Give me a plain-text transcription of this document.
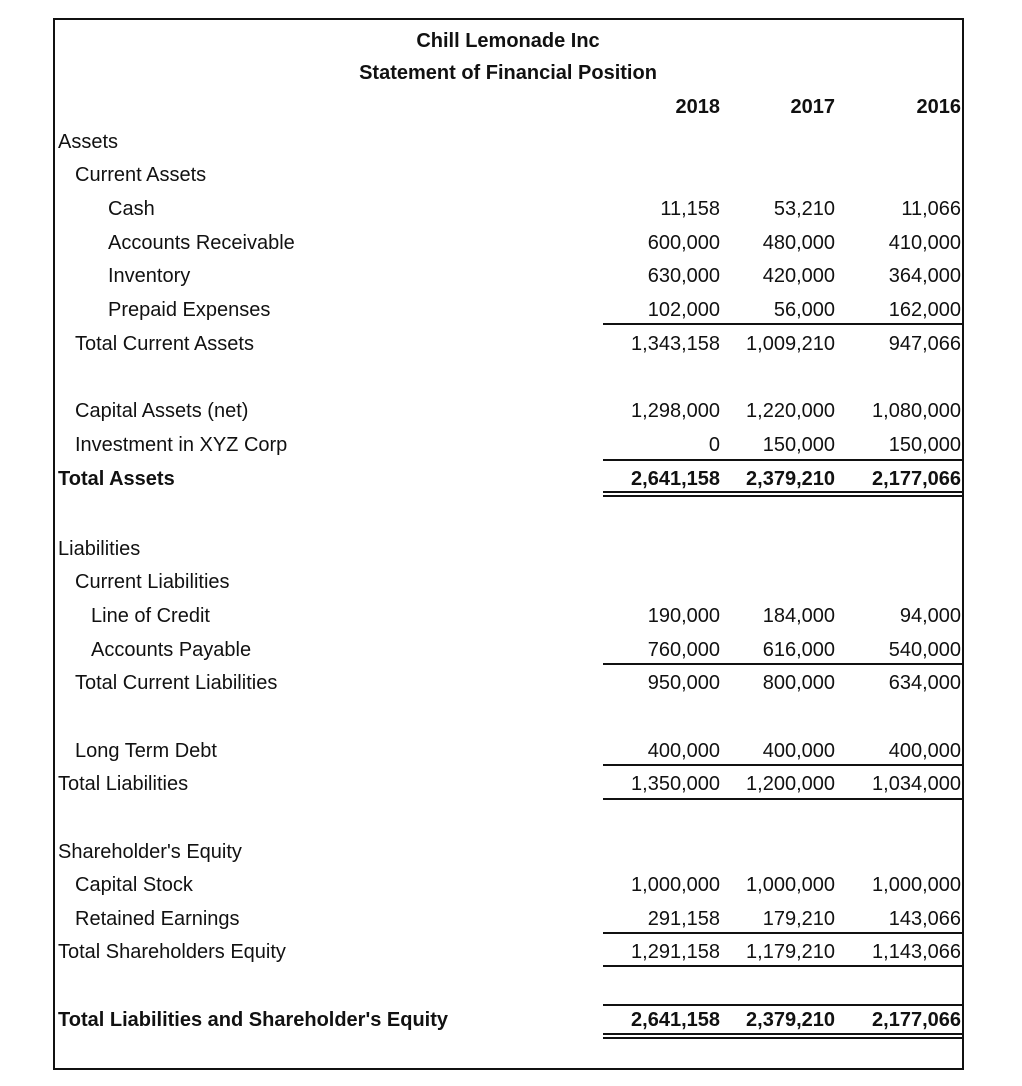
Chill Lemonade Inc
Statement of Financial Position
2018	2017	2016
Assets
Current Assets
Cash	11,158	53,210	11,066
Accounts Receivable	600,000	480,000	410,000
Inventory	630,000	420,000	364,000
Prepaid Expenses	102,000	56,000	162,000
Total Current Assets	1,343,158	1,009,210	947,066
Capital Assets (net)	1,298,000	1,220,000	1,080,000
Investment in XYZ Corp	0	150,000	150,000
Total Assets	2,641,158	2,379,210	2,177,066
Liabilities
Current Liabilities
Line of Credit	190,000	184,000	94,000
Accounts Payable	760,000	616,000	540,000
Total Current Liabilities	950,000	800,000	634,000
Long Term Debt	400,000	400,000	400,000
Total Liabilities	1,350,000	1,200,000	1,034,000
Shareholder's Equity
Capital Stock	1,000,000	1,000,000	1,000,000
Retained Earnings	291,158	179,210	143,066
Total Shareholders Equity	1,291,158	1,179,210	1,143,066
Total Liabilities and Shareholder's Equity	2,641,158	2,379,210	2,177,066
